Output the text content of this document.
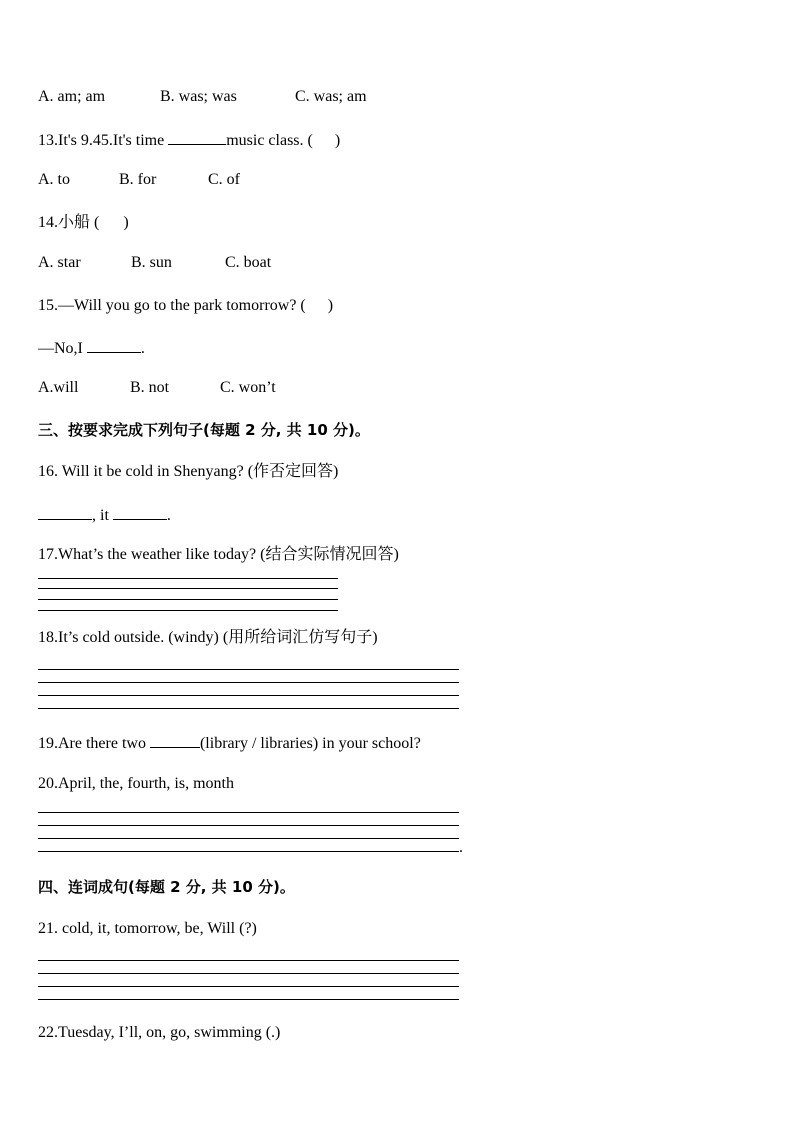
A. am; am	B. was; was	C. was; am

13.It's 9.45.It's time	music class. ( )

A. to	B. for	C. of

14.小船 ( )

A. star	B. sun	C. boat

15.—Will you go to the park tomorrow? ( )

—No,I	.

A.will	B. not	C. won’t

三、按要求完成下列句子(每题 2 分, 共 10 分)。

16. Will it be cold in Shenyang? (作否定回答)

, it	.

17.What’s the weather like today? (结合实际情况回答)

18.It’s cold outside. (windy) (用所给词汇仿写句子)

19.Are there two	(library / libraries) in your school?

20.April, the, fourth, is, month

.

四、连词成句(每题 2 分, 共 10 分)。

21. cold, it, tomorrow, be, Will (?)

22.Tuesday, I’ll, on, go, swimming (.)
